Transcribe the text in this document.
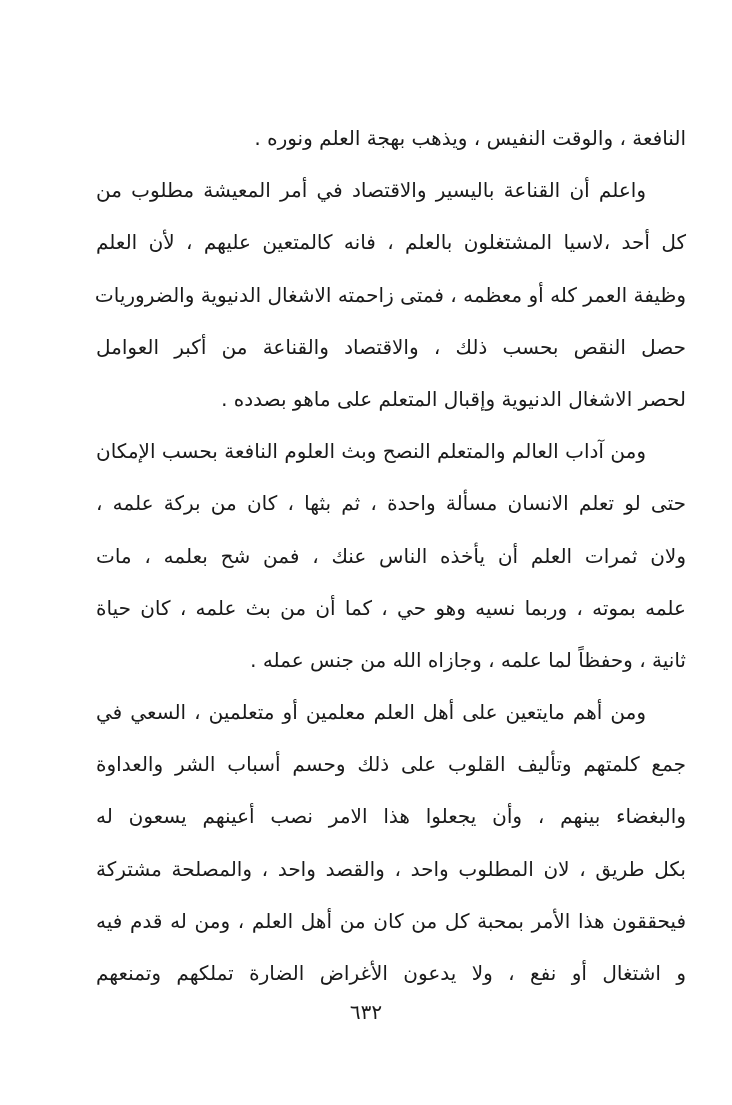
النافعة ، والوقت النفيس ، ويذهب بهجة العلم ونوره .
واعلم أن القناعة باليسير والاقتصاد في أمر المعيشة مطلوب من
كل أحد ،لاسيا المشتغلون بالعلم ، فانه كالمتعين عليهم ، لأن العلم
وظيفة العمر كله أو معظمه ، فمتى زاحمته الاشغال الدنيوية والضروريات
حصل النقص بحسب ذلك ، والاقتصاد والقناعة من أكبر العوامل
لحصر الاشغال الدنيوية وإقبال المتعلم على ماهو بصدده .
ومن آداب العالم والمتعلم النصح وبث العلوم النافعة بحسب الإمكان
حتى لو تعلم الانسان مسألة واحدة ، ثم بثها ، كان من بركة علمه ،
ولان ثمرات العلم أن يأخذه الناس عنك ، فمن شح بعلمه ، مات
علمه بموته ، وربما نسيه وهو حي ، كما أن من بث علمه ، كان حياة
ثانية ، وحفظاً لما علمه ، وجازاه الله من جنس عمله .
ومن أهم مايتعين على أهل العلم معلمين أو متعلمين ، السعي في
جمع كلمتهم وتأليف القلوب على ذلك وحسم أسباب الشر والعداوة
والبغضاء بينهم ، وأن يجعلوا هذا الامر نصب أعينهم يسعون له
بكل طريق ، لان المطلوب واحد ، والقصد واحد ، والمصلحة مشتركة
فيحققون هذا الأمر بمحبة كل من كان من أهل العلم ، ومن له قدم فيه
و اشتغال أو نفع ، ولا يدعون الأغراض الضارة تملكهم وتمنعهم
٦٣٢
